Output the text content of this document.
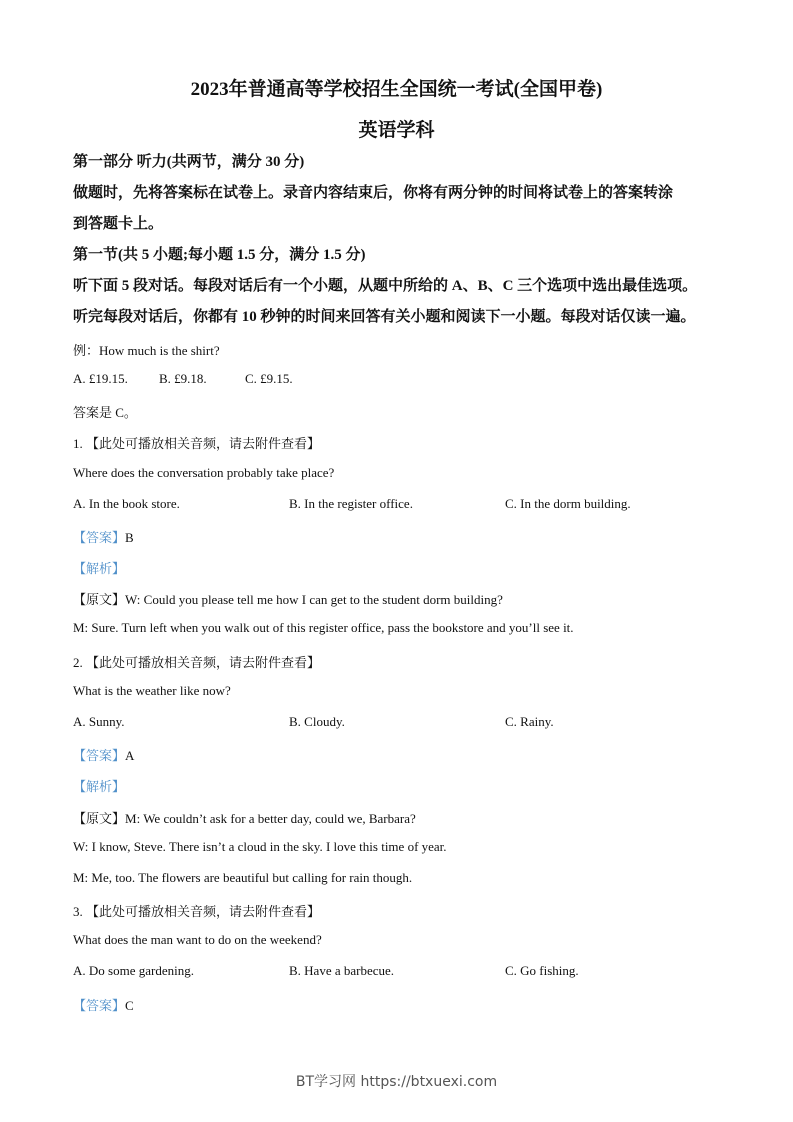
2023年普通高等学校招生全国统一考试(全国甲卷)
英语学科
第一部分 听力(共两节，满分 30 分)
做题时，先将答案标在试卷上。录音内容结束后，你将有两分钟的时间将试卷上的答案转涂
到答题卡上。
第一节(共 5 小题;每小题 1.5 分，满分 1.5 分)
听下面 5 段对话。每段对话后有一个小题，从题中所给的 A、B、C 三个选项中选出最佳选项。
听完每段对话后，你都有 10 秒钟的时间来回答有关小题和阅读下一小题。每段对话仅读一遍。
例：How much is the shirt?
A. £19.15. B. £9.18.	C. £9.15.
答案是 C。
1. 【此处可播放相关音频，请去附件查看】
Where does the conversation probably take place?
A. In the book store.	B. In the register office.	C. In the dorm building.
【答案】B
【解析】
【原文】W: Could you please tell me how I can get to the student dorm building?
M: Sure. Turn left when you walk out of this register office, pass the bookstore and you’ll see it.
2. 【此处可播放相关音频，请去附件查看】
What is the weather like now?
A. Sunny.	B. Cloudy.	C. Rainy.
【答案】A
【解析】
【原文】M: We couldn’t ask for a better day, could we, Barbara?
W: I know, Steve. There isn’t a cloud in the sky. I love this time of year.
M: Me, too. The flowers are beautiful but calling for rain though.
3. 【此处可播放相关音频，请去附件查看】
What does the man want to do on the weekend?
A. Do some gardening.	B. Have a barbecue.	C. Go fishing.
【答案】C
BT学习网 https://btxuexi.com
